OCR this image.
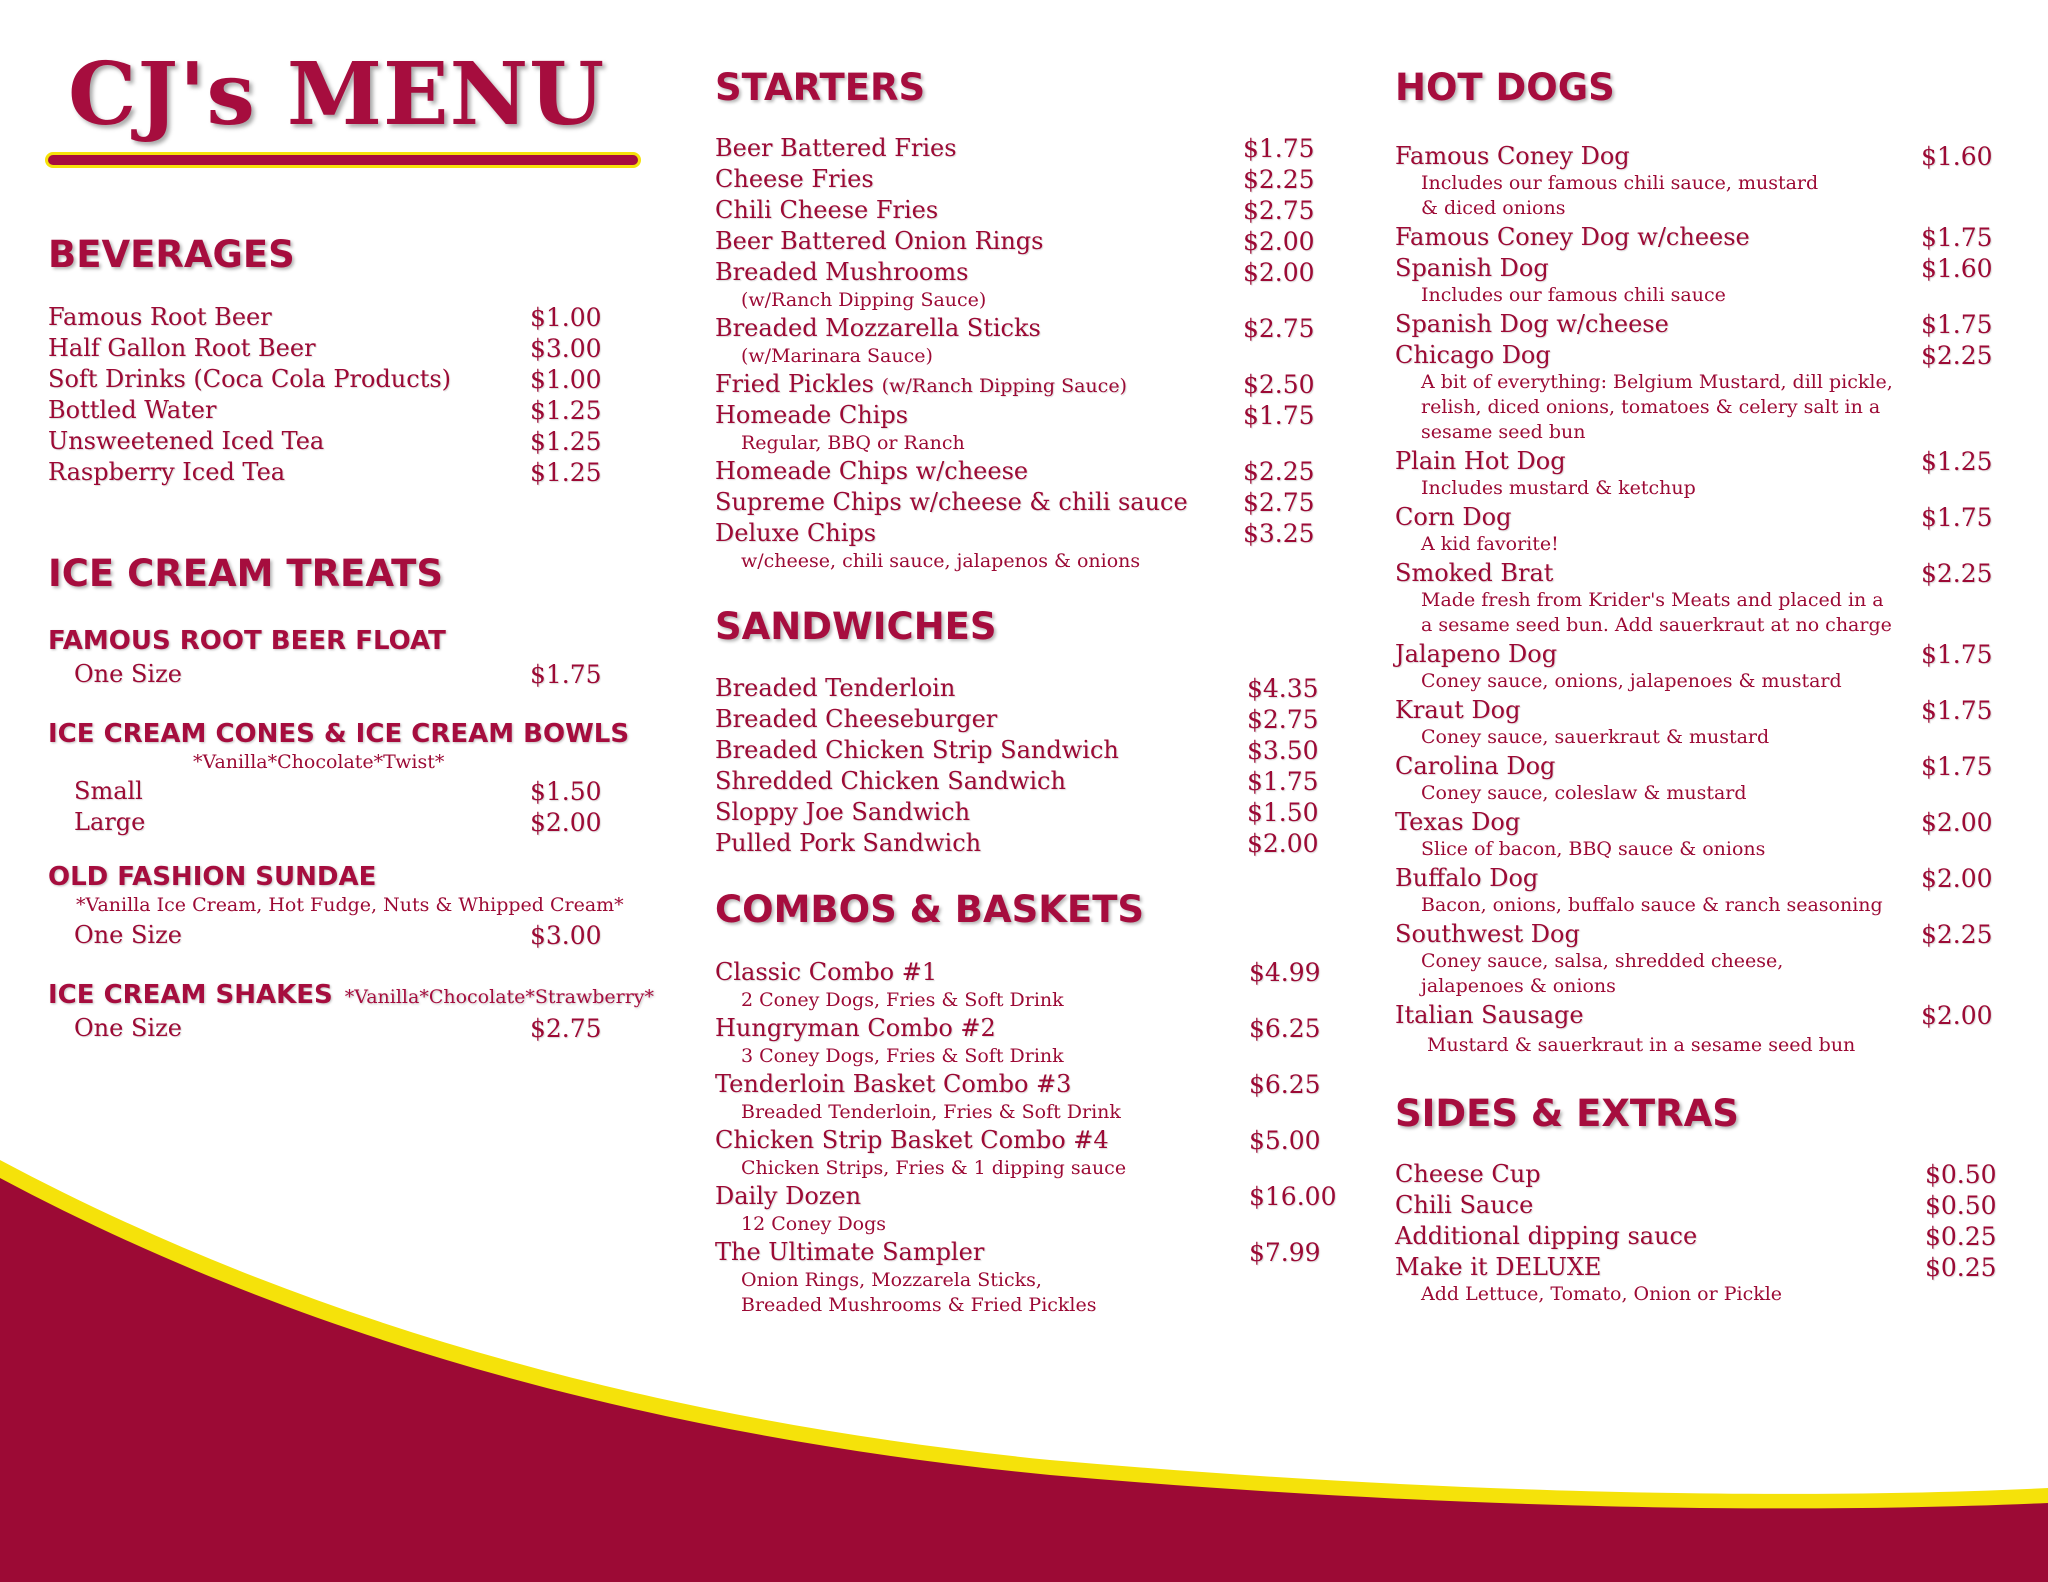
CJ's MENU
BEVERAGES
Famous Root Beer	$1.00
Half Gallon Root Beer	$3.00
Soft Drinks (Coca Cola Products)	$1.00
Bottled Water	$1.25
Unsweetened Iced Tea	$1.25
Raspberry Iced Tea	$1.25
ICE CREAM TREATS
FAMOUS ROOT BEER FLOAT
One Size	$1.75
ICE CREAM CONES & ICE CREAM BOWLS
*Vanilla*Chocolate*Twist*
Small	$1.50
Large	$2.00
OLD FASHION SUNDAE
*Vanilla Ice Cream, Hot Fudge, Nuts & Whipped Cream*
One Size	$3.00
ICE CREAM SHAKES *Vanilla*Chocolate*Strawberry*
One Size	$2.75
STARTERS
Beer Battered Fries	$1.75
Cheese Fries	$2.25
Chili Cheese Fries	$2.75
Beer Battered Onion Rings	$2.00
Breaded Mushrooms	$2.00
(w/Ranch Dipping Sauce)
Breaded Mozzarella Sticks	$2.75
(w/Marinara Sauce)
Fried Pickles (w/Ranch Dipping Sauce)	$2.50
Homeade Chips	$1.75
Regular, BBQ or Ranch
Homeade Chips w/cheese	$2.25
Supreme Chips w/cheese & chili sauce $2.75
Deluxe Chips	$3.25
w/cheese, chili sauce, jalapenos & onions
SANDWICHES
Breaded Tenderloin	$4.35
Breaded Cheeseburger	$2.75
Breaded Chicken Strip Sandwich	$3.50
Shredded Chicken Sandwich	$1.75
Sloppy Joe Sandwich	$1.50
Pulled Pork Sandwich	$2.00
COMBOS & BASKETS
Classic Combo #1	$4.99
2 Coney Dogs, Fries & Soft Drink
Hungryman Combo #2	$6.25
3 Coney Dogs, Fries & Soft Drink
Tenderloin Basket Combo #3	$6.25
Breaded Tenderloin, Fries & Soft Drink
Chicken Strip Basket Combo #4	$5.00
Chicken Strips, Fries & 1 dipping sauce
Daily Dozen	$16.00
12 Coney Dogs
The Ultimate Sampler	$7.99
Onion Rings, Mozzarela Sticks,
Breaded Mushrooms & Fried Pickles
HOT DOGS
Famous Coney Dog	$1.60
Includes our famous chili sauce, mustard
& diced onions
Famous Coney Dog w/cheese	$1.75
Spanish Dog	$1.60
Includes our famous chili sauce
Spanish Dog w/cheese	$1.75
Chicago Dog	$2.25
A bit of everything: Belgium Mustard, dill pickle,
relish, diced onions, tomatoes & celery salt in a
sesame seed bun
Plain Hot Dog	$1.25
Includes mustard & ketchup
Corn Dog	$1.75
A kid favorite!
Smoked Brat	$2.25
Made fresh from Krider's Meats and placed in a
a sesame seed bun. Add sauerkraut at no charge
Jalapeno Dog	$1.75
Coney sauce, onions, jalapenoes & mustard
Kraut Dog	$1.75
Coney sauce, sauerkraut & mustard
Carolina Dog	$1.75
Coney sauce, coleslaw & mustard
Texas Dog	$2.00
Slice of bacon, BBQ sauce & onions
Buffalo Dog	$2.00
Bacon, onions, buffalo sauce & ranch seasoning
Southwest Dog	$2.25
Coney sauce, salsa, shredded cheese,
jalapenoes & onions
Italian Sausage	$2.00
Mustard & sauerkraut in a sesame seed bun
SIDES & EXTRAS
Cheese Cup	$0.50
Chili Sauce	$0.50
Additional dipping sauce	$0.25
Make it DELUXE	$0.25
Add Lettuce, Tomato, Onion or Pickle
